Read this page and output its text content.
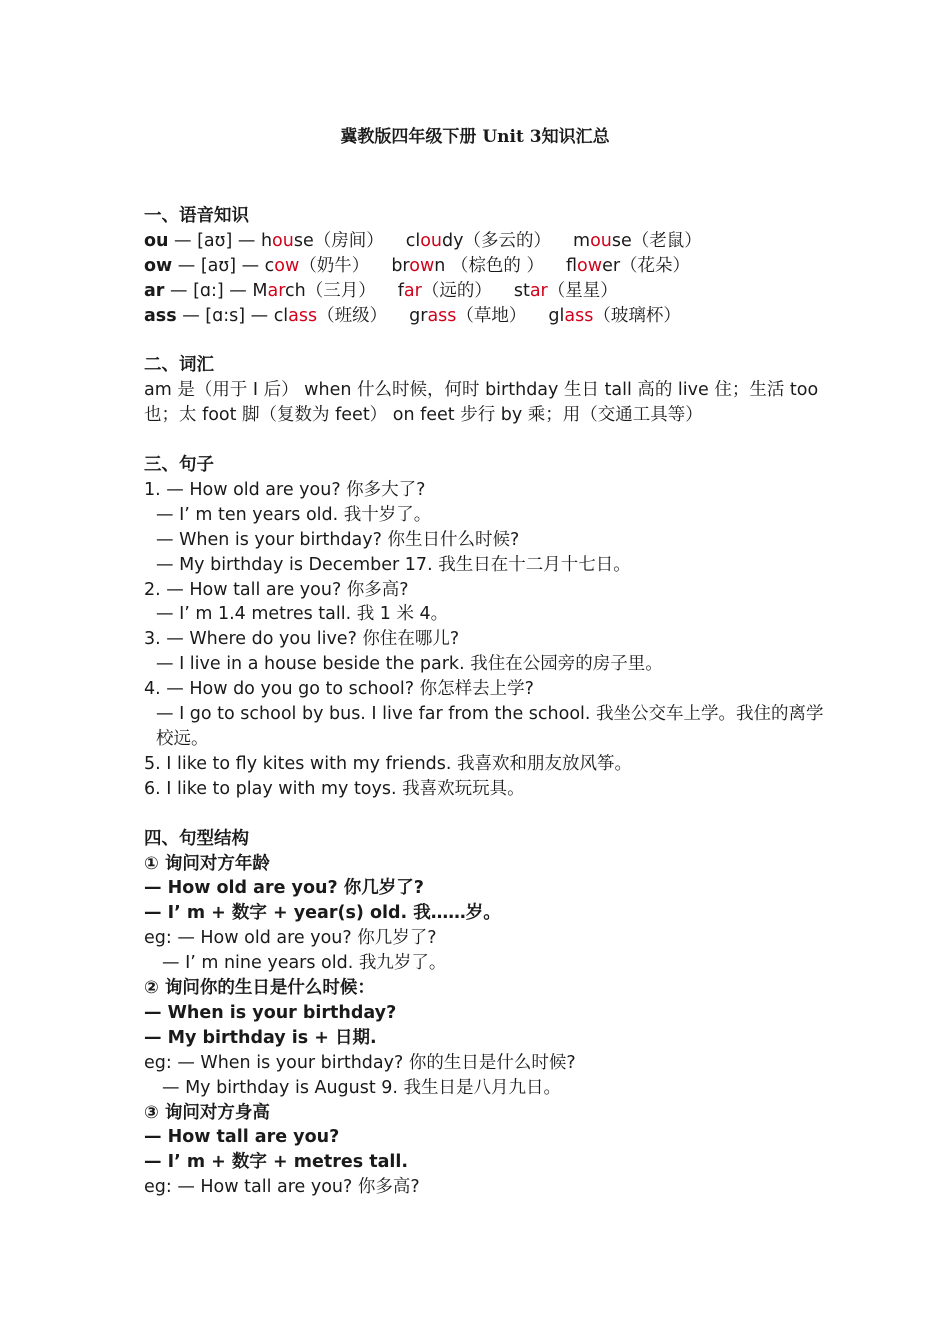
冀教版四年级下册 Unit 3知识汇总
一、语音知识
ou — [aʊ] — house（房间） cloudy（多云的） mouse（老鼠）
ow — [aʊ] — cow（奶牛） brown （棕色的 ） flower（花朵）
ar — [ɑ:] — March（三月） far（远的） star（星星）
ass — [ɑ:s] — class（班级） grass（草地） glass（玻璃杯）
二、词汇
am 是（用于 I 后） when 什么时候，何时 birthday 生日 tall 高的 live 住；生活 too 也；太 foot 脚（复数为 feet） on feet 步行 by 乘；用（交通工具等）
三、句子
1. — How old are you? 你多大了?
— I’ m ten years old. 我十岁了。
— When is your birthday? 你生日什么时候?
— My birthday is December 17. 我生日在十二月十七日。
2. — How tall are you? 你多高?
— I’ m 1.4 metres tall. 我 1 米 4。
3. — Where do you live? 你住在哪儿?
— I live in a house beside the park. 我住在公园旁的房子里。
4. — How do you go to school? 你怎样去上学?
— I go to school by bus. I live far from the school. 我坐公交车上学。我住的离学校远。
5. I like to fly kites with my friends. 我喜欢和朋友放风筝。
6. I like to play with my toys. 我喜欢玩玩具。
四、句型结构
① 询问对方年龄
— How old are you? 你几岁了?
— I’ m + 数字 + year(s) old. 我……岁。
eg: — How old are you? 你几岁了?
— I’ m nine years old. 我九岁了。
② 询问你的生日是什么时候：
— When is your birthday?
— My birthday is + 日期.
eg: — When is your birthday? 你的生日是什么时候?
— My birthday is August 9. 我生日是八月九日。
③ 询问对方身高
— How tall are you?
— I’ m + 数字 + metres tall.
eg: — How tall are you? 你多高?
